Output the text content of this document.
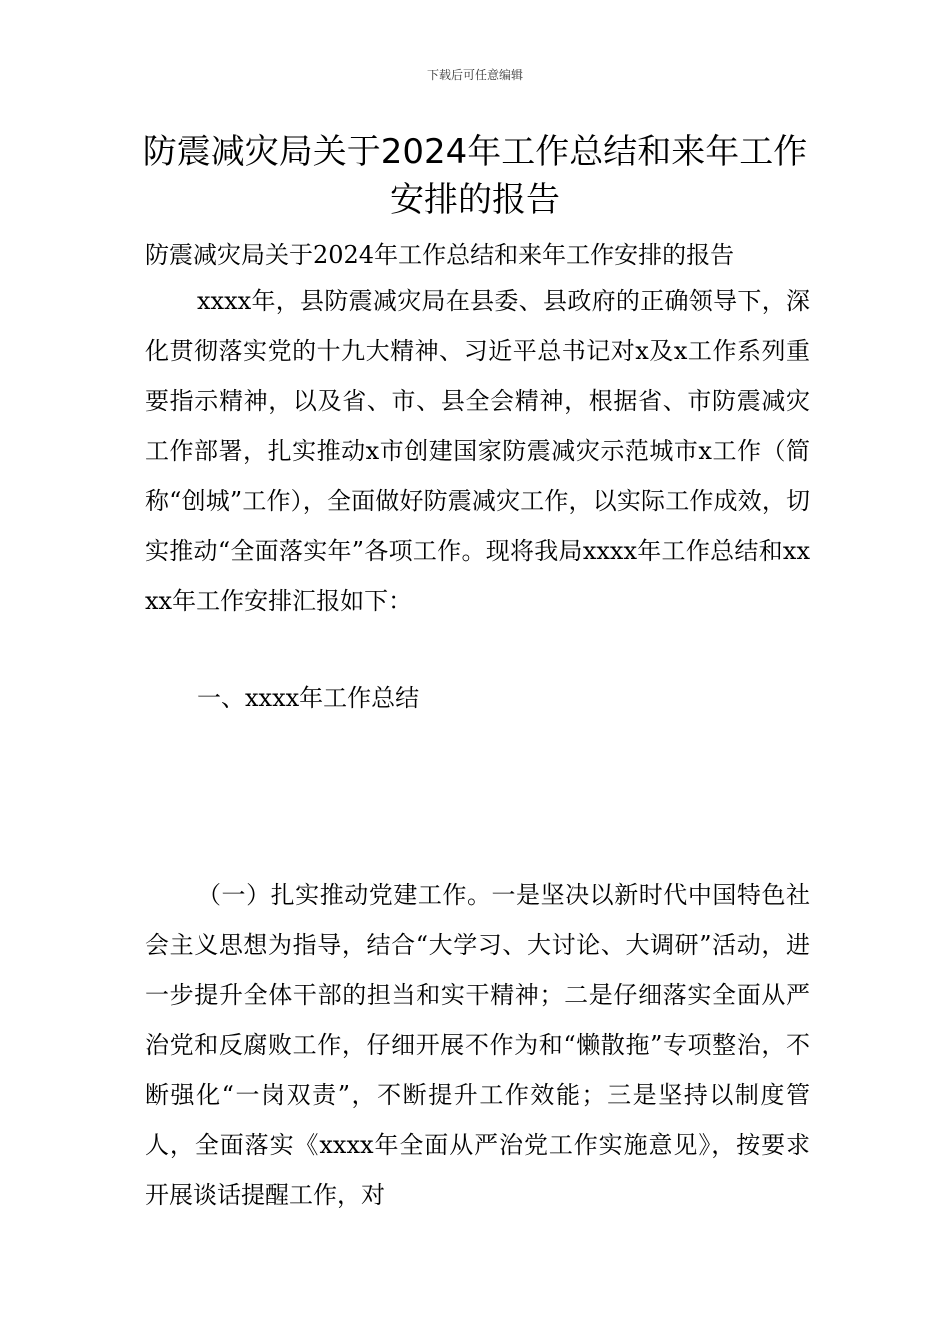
下载后可任意编辑
防震减灾局关于2024年工作总结和来年工作安排的报告

防震减灾局关于2024年工作总结和来年工作安排的报告

xxxx年，县防震减灾局在县委、县政府的正确领导下，深化贯彻落实党的十九大精神、习近平总书记对x及x工作系列重要指示精神，以及省、市、县全会精神，根据省、市防震减灾工作部署，扎实推动x市创建国家防震减灾示范城市x工作（简称“创城”工作），全面做好防震减灾工作，以实际工作成效，切实推动“全面落实年”各项工作。现将我局xxxx年工作总结和xxxx年工作安排汇报如下：

一、xxxx年工作总结

（一）扎实推动党建工作。一是坚决以新时代中国特色社会主义思想为指导，结合“大学习、大讨论、大调研”活动，进一步提升全体干部的担当和实干精神；二是仔细落实全面从严治党和反腐败工作，仔细开展不作为和“懒散拖”专项整治，不断强化“一岗双责”，不断提升工作效能；三是坚持以制度管人，全面落实《xxxx年全面从严治党工作实施意见》，按要求开展谈话提醒工作，对
